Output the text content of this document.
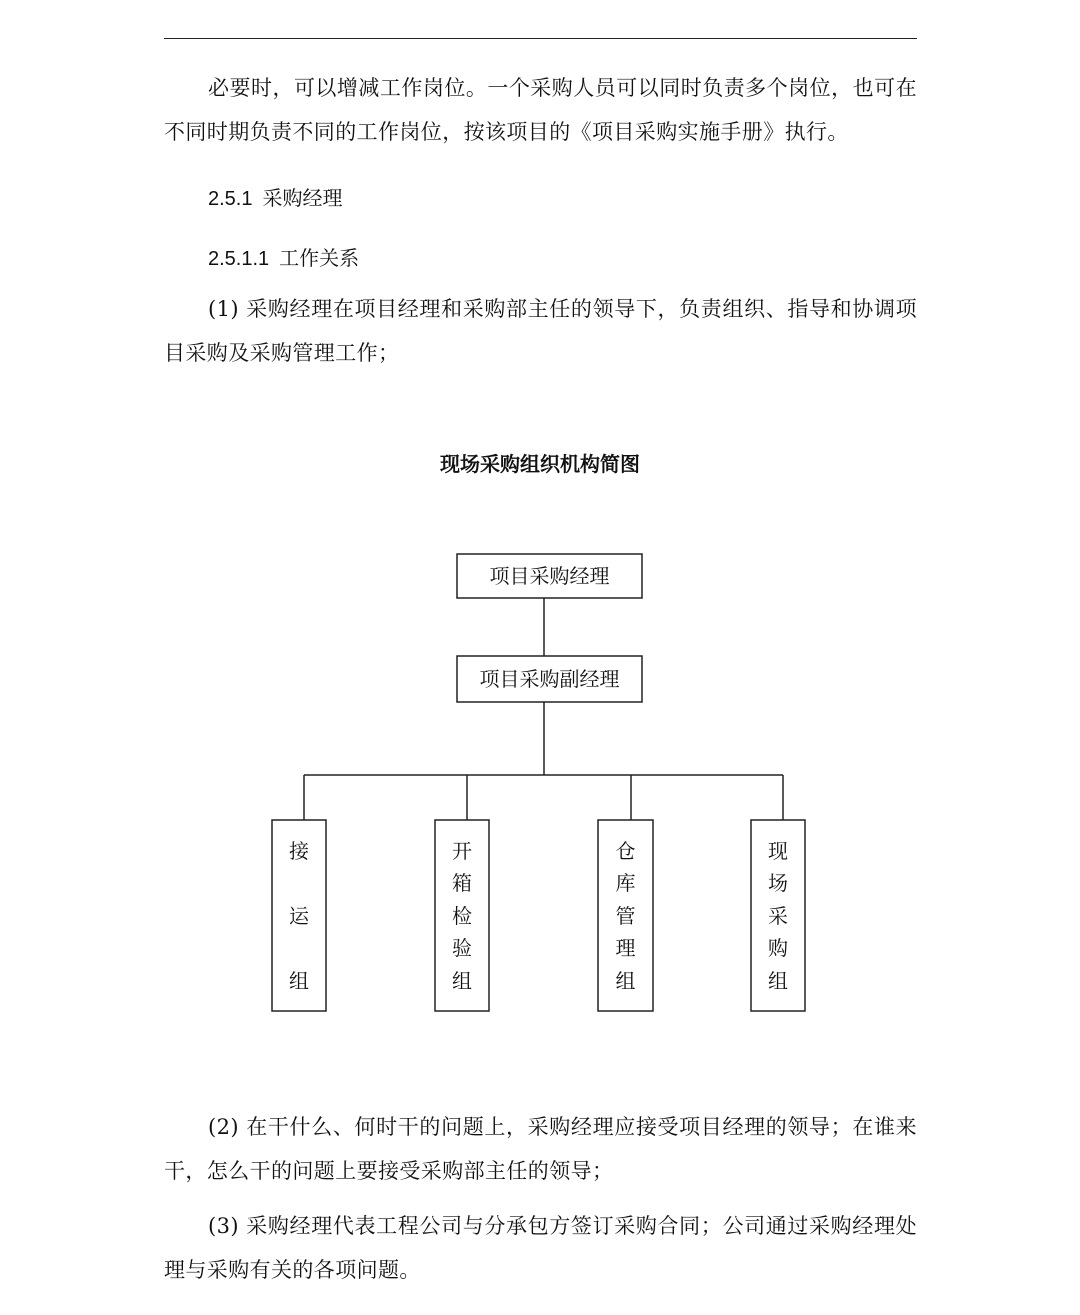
必要时，可以增减工作岗位。一个采购人员可以同时负责多个岗位，也可在不同时期负责不同的工作岗位，按该项目的《项目采购实施手册》执行。

2.5.1 采购经理

2.5.1.1 工作关系

(1) 采购经理在项目经理和采购部主任的领导下，负责组织、指导和协调项目采购及采购管理工作；

现场采购组织机构简图

项目采购经理
项目采购副经理
接
运
组
开
箱
检
验
组
仓
库
管
理
组
现
场
采
购
组

(2) 在干什么、何时干的问题上，采购经理应接受项目经理的领导；在谁来干，怎么干的问题上要接受采购部主任的领导；

(3) 采购经理代表工程公司与分承包方签订采购合同；公司通过采购经理处理与采购有关的各项问题。
